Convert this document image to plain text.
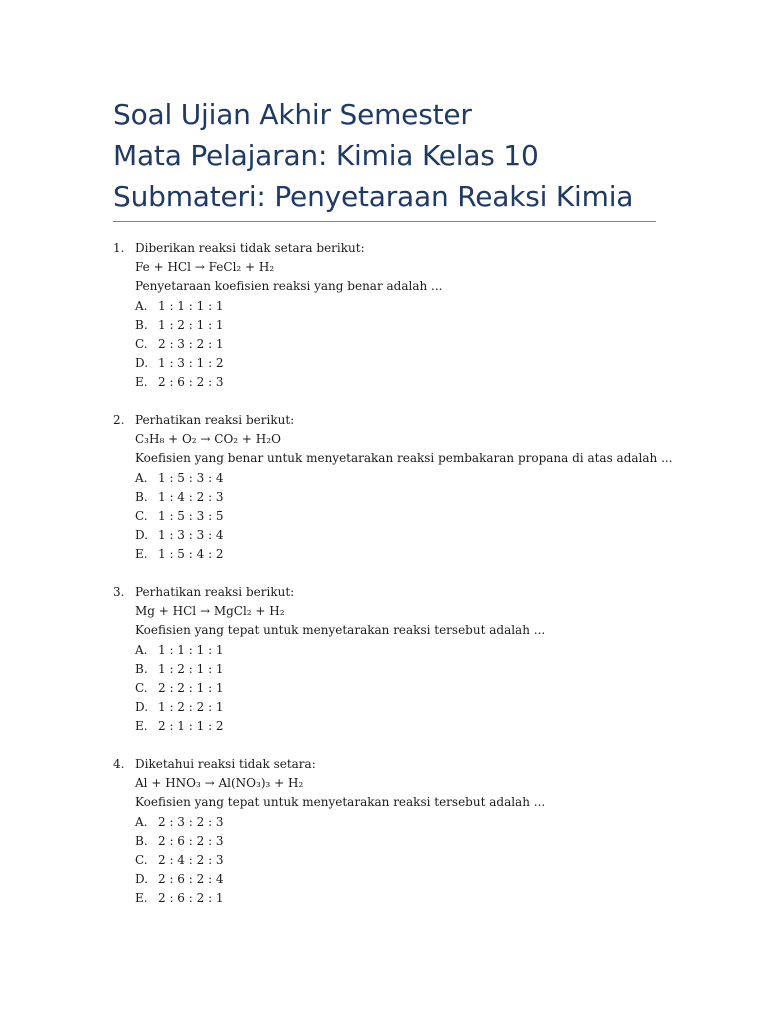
Soal Ujian Akhir Semester
Mata Pelajaran: Kimia Kelas 10
Submateri: Penyetaraan Reaksi Kimia
1. Diberikan reaksi tidak setara berikut:
Fe + HCl → FeCl₂ + H₂
Penyetaraan koefisien reaksi yang benar adalah ...
A. 1 : 1 : 1 : 1
B. 1 : 2 : 1 : 1
C. 2 : 3 : 2 : 1
D. 1 : 3 : 1 : 2
E. 2 : 6 : 2 : 3
2. Perhatikan reaksi berikut:
C₃H₈ + O₂ → CO₂ + H₂O
Koefisien yang benar untuk menyetarakan reaksi pembakaran propana di atas adalah ...
A. 1 : 5 : 3 : 4
B. 1 : 4 : 2 : 3
C. 1 : 5 : 3 : 5
D. 1 : 3 : 3 : 4
E. 1 : 5 : 4 : 2
3. Perhatikan reaksi berikut:
Mg + HCl → MgCl₂ + H₂
Koefisien yang tepat untuk menyetarakan reaksi tersebut adalah ...
A. 1 : 1 : 1 : 1
B. 1 : 2 : 1 : 1
C. 2 : 2 : 1 : 1
D. 1 : 2 : 2 : 1
E. 2 : 1 : 1 : 2
4. Diketahui reaksi tidak setara:
Al + HNO₃ → Al(NO₃)₃ + H₂
Koefisien yang tepat untuk menyetarakan reaksi tersebut adalah ...
A. 2 : 3 : 2 : 3
B. 2 : 6 : 2 : 3
C. 2 : 4 : 2 : 3
D. 2 : 6 : 2 : 4
E. 2 : 6 : 2 : 1
